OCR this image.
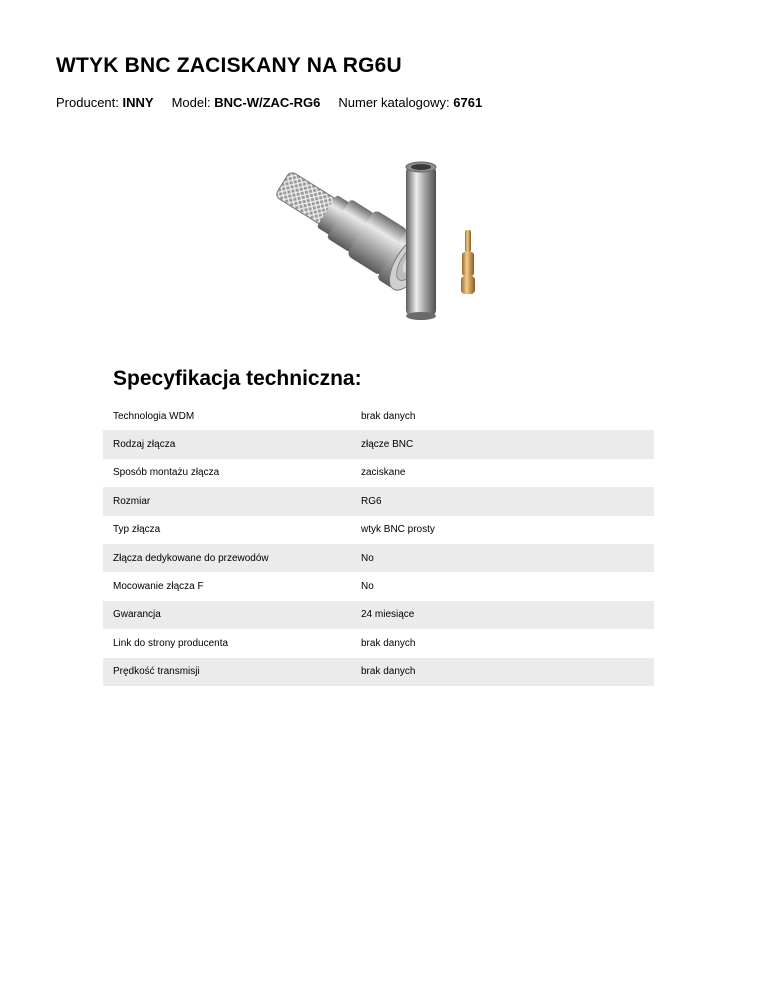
WTYK BNC ZACISKANY NA RG6U
Producent: INNY Model: BNC-W/ZAC-RG6 Numer katalogowy: 6761
Specyfikacja techniczna:
Technologia WDM	brak danych
Rodzaj złącza	złącze BNC
Sposób montażu złącza	zaciskane
Rozmiar	RG6
Typ złącza	wtyk BNC prosty
Złącza dedykowane do przewodów	No
Mocowanie złącza F	No
Gwarancja	24 miesiące
Link do strony producenta	brak danych
Prędkość transmisji	brak danych
